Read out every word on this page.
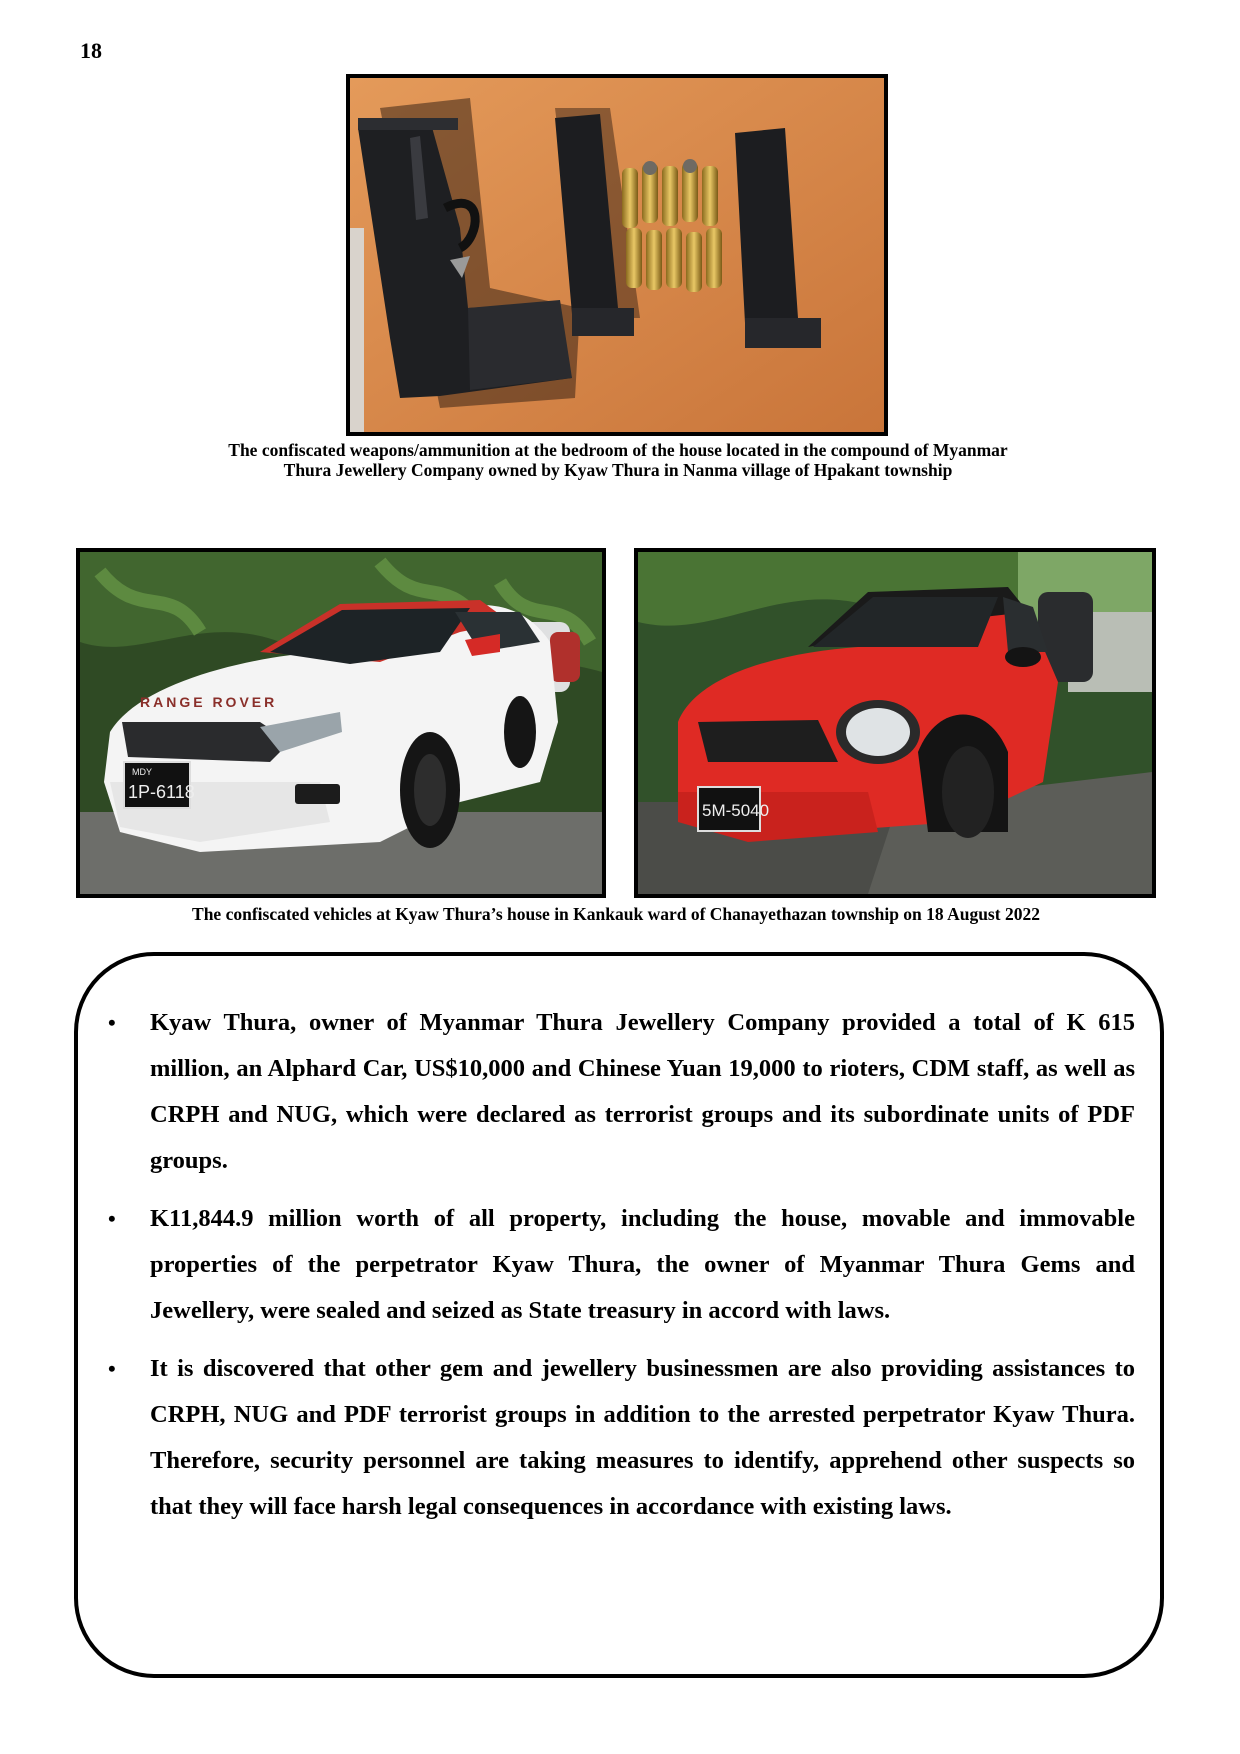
18
The confiscated weapons/ammunition at the bedroom of the house located in the compound of Myanmar Thura Jewellery Company owned by Kyaw Thura in Nanma village of Hpakant township
RANGE ROVER
MDY
1P-6118
5M-5040
The confiscated vehicles at Kyaw Thura’s house in Kankauk ward of Chanayethazan township on 18 August 2022
• Kyaw Thura, owner of Myanmar Thura Jewellery Company provided a total of K 615 million, an Alphard Car, US$10,000 and Chinese Yuan 19,000 to rioters, CDM staff, as well as CRPH and NUG, which were declared as terrorist groups and its subordinate units of PDF groups.
• K11,844.9 million worth of all property, including the house, movable and immovable properties of the perpetrator Kyaw Thura, the owner of Myanmar Thura Gems and Jewellery, were sealed and seized as State treasury in accord with laws.
• It is discovered that other gem and jewellery businessmen are also providing assistances to CRPH, NUG and PDF terrorist groups in addition to the arrested perpetrator Kyaw Thura. Therefore, security personnel are taking measures to identify, apprehend other suspects so that they will face harsh legal consequences in accordance with existing laws.
